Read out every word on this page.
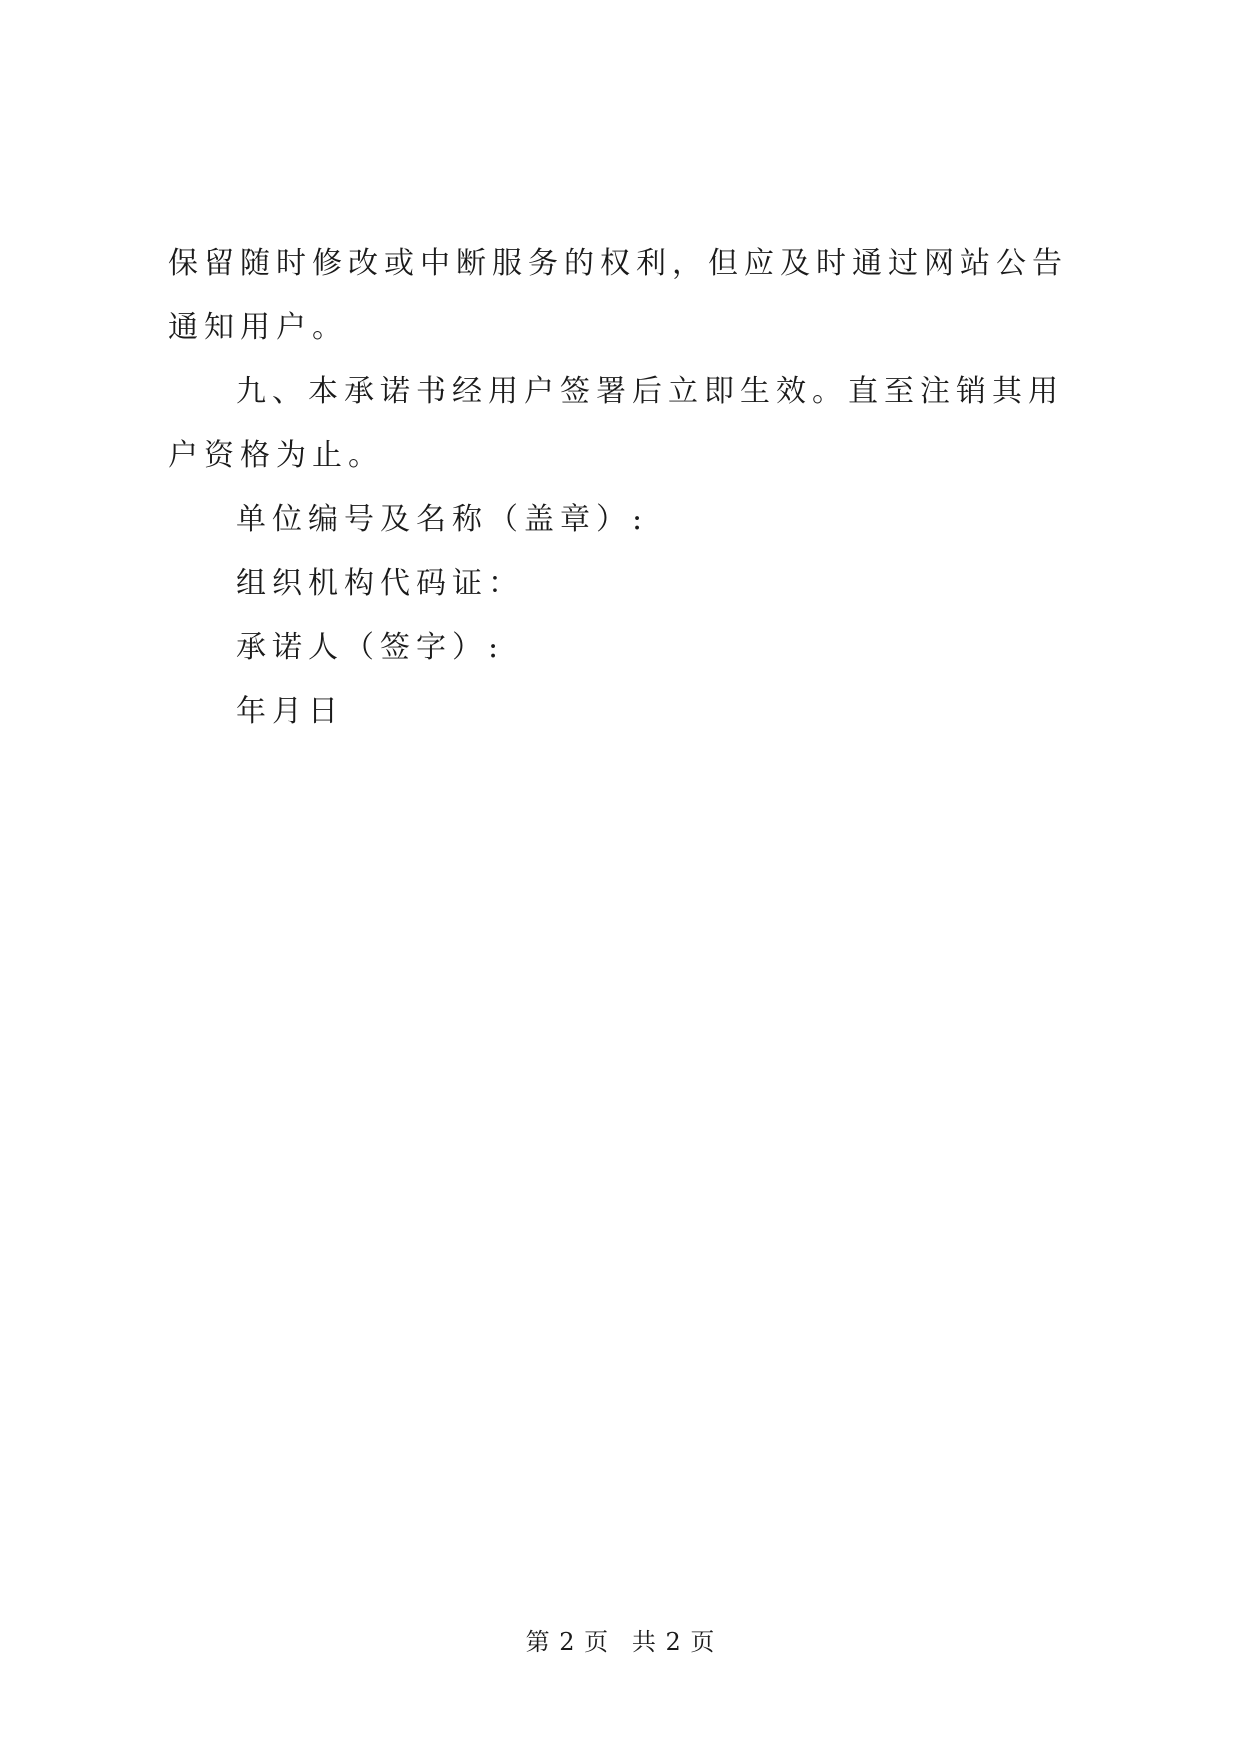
保留随时修改或中断服务的权利，但应及时通过网站公告通知用户。

九、本承诺书经用户签署后立即生效。直至注销其用户资格为止。

单位编号及名称（盖章）:

组织机构代码证：

承诺人（签字）:

年月日

第 2 页 共 2 页
